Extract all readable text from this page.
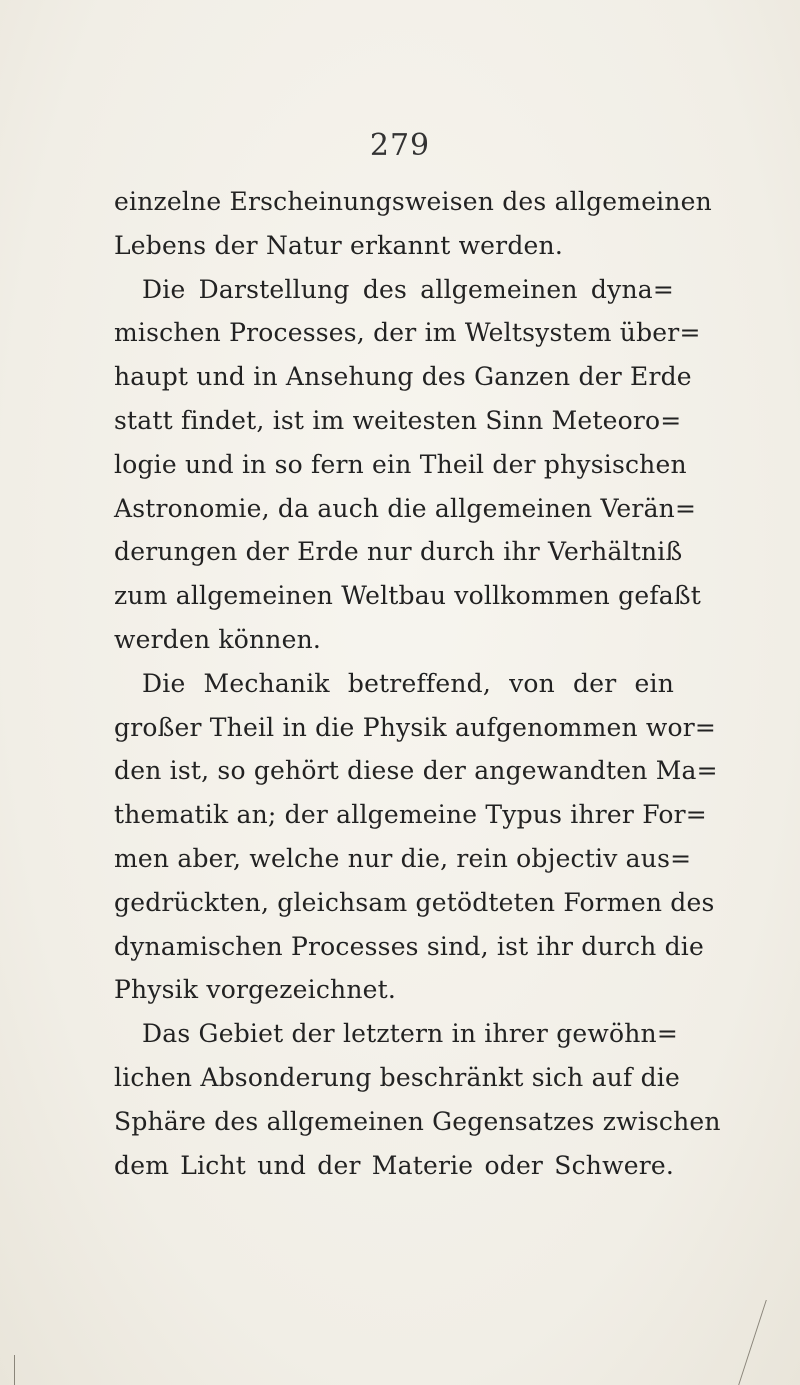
279
einzelne Erscheinungsweisen des allgemeinen
Lebens der Natur erkannt werden.
Die Darstellung des allgemeinen dyna=
mischen Processes, der im Weltsystem über=
haupt und in Ansehung des Ganzen der Erde
statt findet, ist im weitesten Sinn Meteoro=
logie und in so fern ein Theil der physischen
Astronomie, da auch die allgemeinen Verän=
derungen der Erde nur durch ihr Verhältniß
zum allgemeinen Weltbau vollkommen gefaßt
werden können.
Die Mechanik betreffend, von der ein
großer Theil in die Physik aufgenommen wor=
den ist, so gehört diese der angewandten Ma=
thematik an; der allgemeine Typus ihrer For=
men aber, welche nur die, rein objectiv aus=
gedrückten, gleichsam getödteten Formen des
dynamischen Processes sind, ist ihr durch die
Physik vorgezeichnet.
Das Gebiet der letztern in ihrer gewöhn=
lichen Absonderung beschränkt sich auf die
Sphäre des allgemeinen Gegensatzes zwischen
dem Licht und der Materie oder Schwere.
